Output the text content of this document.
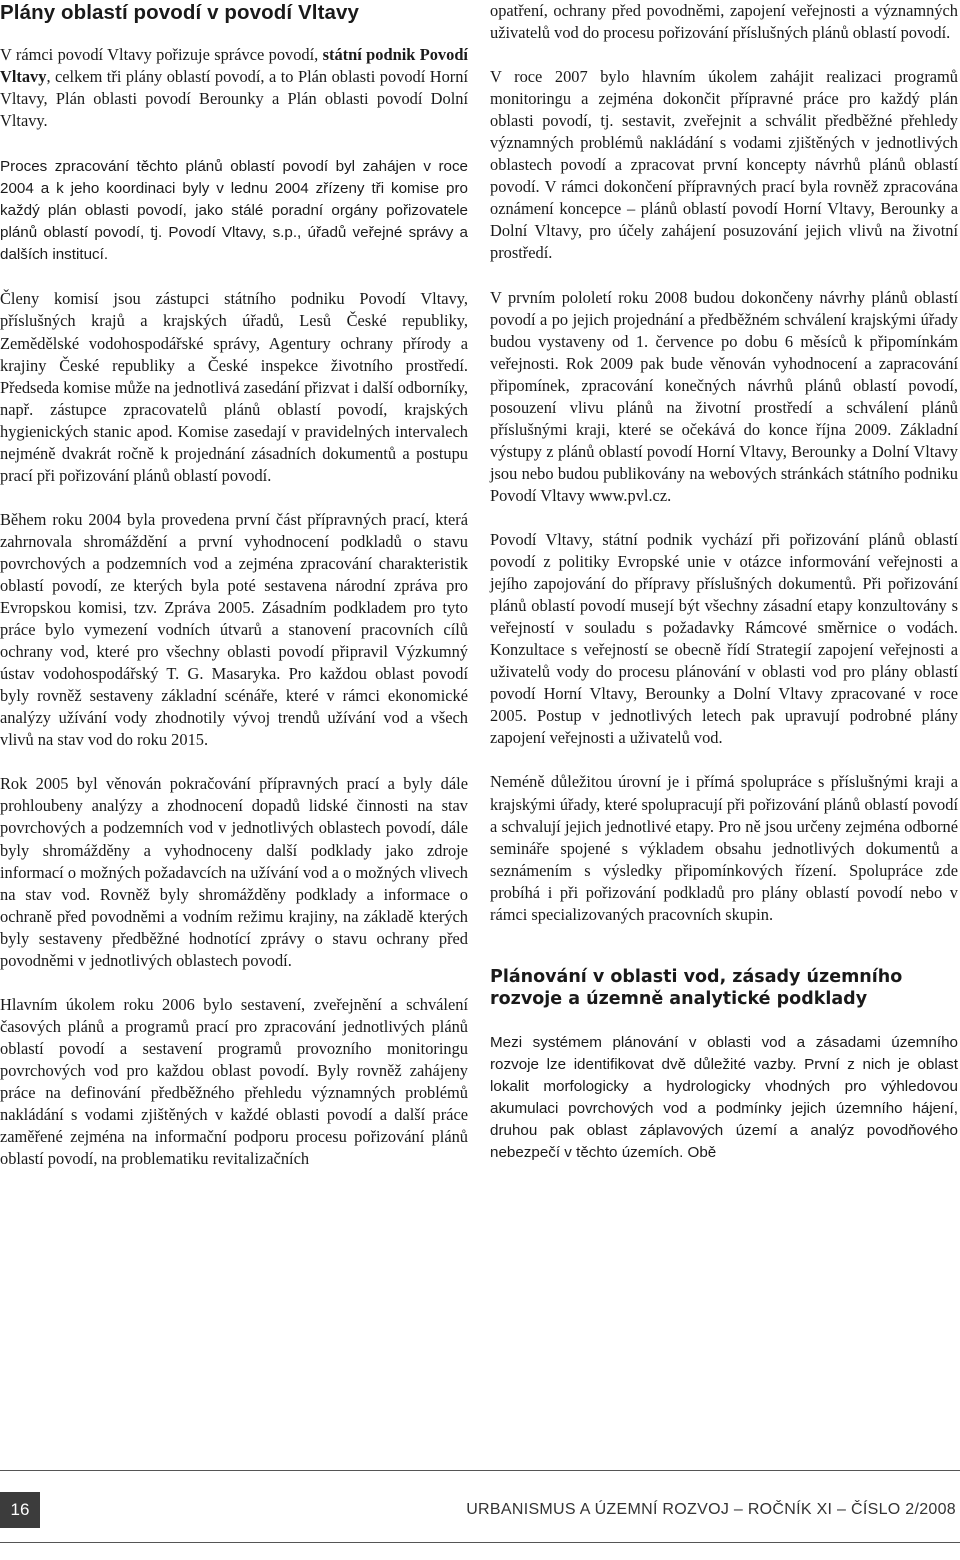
Plány oblastí povodí v povodí Vltavy

V rámci povodí Vltavy pořizuje správce povodí, státní podnik Povodí Vltavy, celkem tři plány oblastí povodí, a to Plán oblasti povodí Horní Vltavy, Plán oblasti povodí Berounky a Plán oblasti povodí Dolní Vltavy.

Proces zpracování těchto plánů oblastí povodí byl zahájen v roce 2004 a k jeho koordinaci byly v lednu 2004 zřízeny tři komise pro každý plán oblasti povodí, jako stálé poradní orgány pořizovatele plánů oblastí povodí, tj. Povodí Vltavy, s.p., úřadů veřejné správy a dalších institucí.

Členy komisí jsou zástupci státního podniku Povodí Vltavy, příslušných krajů a krajských úřadů, Lesů České republiky, Zemědělské vodohospodářské správy, Agentury ochrany přírody a krajiny České republiky a České inspekce životního prostředí. Předseda komise může na jednotlivá zasedání přizvat i další odborníky, např. zástupce zpracovatelů plánů oblastí povodí, krajských hygienických stanic apod. Komise zasedají v pravidelných intervalech nejméně dvakrát ročně k projednání zásadních dokumentů a postupu prací při pořizování plánů oblastí povodí.

Během roku 2004 byla provedena první část přípravných prací, která zahrnovala shromáždění a první vyhodnocení podkladů o stavu povrchových a podzemních vod a zejména zpracování charakteristik oblastí povodí, ze kterých byla poté sestavena národní zpráva pro Evropskou komisi, tzv. Zpráva 2005. Zásadním podkladem pro tyto práce bylo vymezení vodních útvarů a stanovení pracovních cílů ochrany vod, které pro všechny oblasti povodí připravil Výzkumný ústav vodohospodářský T. G. Masaryka. Pro každou oblast povodí byly rovněž sestaveny základní scénáře, které v rámci ekonomické analýzy užívání vody zhodnotily vývoj trendů užívání vod a všech vlivů na stav vod do roku 2015.

Rok 2005 byl věnován pokračování přípravných prací a byly dále prohloubeny analýzy a zhodnocení dopadů lidské činnosti na stav povrchových a podzemních vod v jednotlivých oblastech povodí, dále byly shromážděny a vyhodnoceny další podklady jako zdroje informací o možných požadavcích na užívání vod a o možných vlivech na stav vod. Rovněž byly shromážděny podklady a informace o ochraně před povodněmi a vodním režimu krajiny, na základě kterých byly sestaveny předběžné hodnotící zprávy o stavu ochrany před povodněmi v jednotlivých oblastech povodí.

Hlavním úkolem roku 2006 bylo sestavení, zveřejnění a schválení časových plánů a programů prací pro zpracování jednotlivých plánů oblastí povodí a sestavení programů provozního monitoringu povrchových vod pro každou oblast povodí. Byly rovněž zahájeny práce na definování předběžného přehledu významných problémů nakládání s vodami zjištěných v každé oblasti povodí a další práce zaměřené zejména na informační podporu procesu pořizování plánů oblastí povodí, na problematiku revitalizačních

opatření, ochrany před povodněmi, zapojení veřejnosti a významných uživatelů vod do procesu pořizování příslušných plánů oblastí povodí.

V roce 2007 bylo hlavním úkolem zahájit realizaci programů monitoringu a zejména dokončit přípravné práce pro každý plán oblasti povodí, tj. sestavit, zveřejnit a schválit předběžné přehledy významných problémů nakládání s vodami zjištěných v jednotlivých oblastech povodí a zpracovat první koncepty návrhů plánů oblastí povodí. V rámci dokončení přípravných prací byla rovněž zpracována oznámení koncepce – plánů oblastí povodí Horní Vltavy, Berounky a Dolní Vltavy, pro účely zahájení posuzování jejich vlivů na životní prostředí.

V prvním pololetí roku 2008 budou dokončeny návrhy plánů oblastí povodí a po jejich projednání a předběžném schválení krajskými úřady budou vystaveny od 1. července po dobu 6 měsíců k připomínkám veřejnosti. Rok 2009 pak bude věnován vyhodnocení a zapracování připomínek, zpracování konečných návrhů plánů oblastí povodí, posouzení vlivu plánů na životní prostředí a schválení plánů příslušnými kraji, které se očekává do konce října 2009. Základní výstupy z plánů oblastí povodí Horní Vltavy, Berounky a Dolní Vltavy jsou nebo budou publikovány na webových stránkách státního podniku Povodí Vltavy www.pvl.cz.

Povodí Vltavy, státní podnik vychází při pořizování plánů oblastí povodí z politiky Evropské unie v otázce informování veřejnosti a jejího zapojování do přípravy příslušných dokumentů. Při pořizování plánů oblastí povodí musejí být všechny zásadní etapy konzultovány s veřejností v souladu s požadavky Rámcové směrnice o vodách. Konzultace s veřejností se obecně řídí Strategií zapojení veřejnosti a uživatelů vody do procesu plánování v oblasti vod pro plány oblastí povodí Horní Vltavy, Berounky a Dolní Vltavy zpracované v roce 2005. Postup v jednotlivých letech pak upravují podrobné plány zapojení veřejnosti a uživatelů vod.

Neméně důležitou úrovní je i přímá spolupráce s příslušnými kraji a krajskými úřady, které spolupracují při pořizování plánů oblastí povodí a schvalují jejich jednotlivé etapy. Pro ně jsou určeny zejména odborné semináře spojené s výkladem obsahu jednotlivých dokumentů a seznámením s výsledky připomínkových řízení. Spolupráce zde probíhá i při pořizování podkladů pro plány oblastí povodí nebo v rámci specializovaných pracovních skupin.

Plánování v oblasti vod, zásady územního rozvoje a územně analytické podklady

Mezi systémem plánování v oblasti vod a zásadami územního rozvoje lze identifikovat dvě důležité vazby. První z nich je oblast lokalit morfologicky a hydrologicky vhodných pro výhledovou akumulaci povrchových vod a podmínky jejich územního hájení, druhou pak oblast záplavových území a analýz povodňového nebezpečí v těchto územích. Obě

16	URBANISMUS A ÚZEMNÍ ROZVOJ – ROČNÍK XI – ČÍSLO 2/2008
